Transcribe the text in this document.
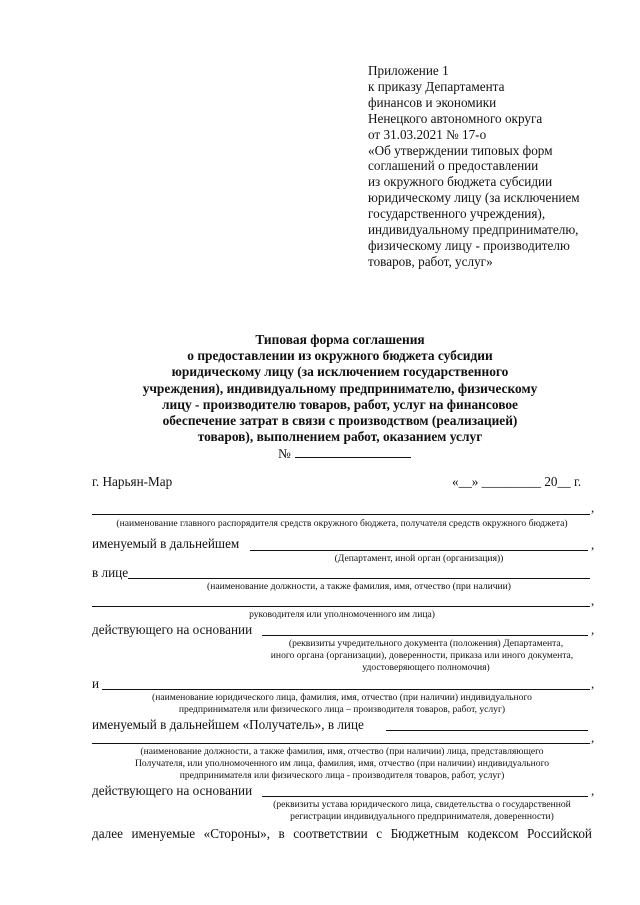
Приложение 1
к приказу Департамента
финансов и экономики
Ненецкого автономного округа
от 31.03.2021 № 17-о
«Об утверждении типовых форм
соглашений о предоставлении
из окружного бюджета субсидии
юридическому лицу (за исключением
государственного учреждения),
индивидуальному предпринимателю,
физическому лицу - производителю
товаров, работ, услуг»
Типовая форма соглашения
о предоставлении из окружного бюджета субсидии
юридическому лицу (за исключением государственного
учреждения), индивидуальному предпринимателю, физическому
лицу - производителю товаров, работ, услуг на финансовое
обеспечение затрат в связи с производством (реализацией)
товаров), выполнением работ, оказанием услуг
№
г. Нарьян-Мар	«__» _________ 20__ г.
,
(наименование главного распорядителя средств окружного бюджета, получателя средств окружного бюджета)
именуемый в дальнейшем	,
(Департамент, иной орган (организация))
в лице
(наименование должности, а также фамилия, имя, отчество (при наличии)
,
руководителя или уполномоченного им лица)
действующего на основании	,
(реквизиты учредительного документа (положения) Департамента,
иного органа (организации), доверенности, приказа или иного документа,
удостоверяющего полномочия)
и	,
(наименование юридического лица, фамилия, имя, отчество (при наличии) индивидуального
предпринимателя или физического лица – производителя товаров, работ, услуг)
именуемый в дальнейшем «Получатель», в лице
,
(наименование должности, а также фамилия, имя, отчество (при наличии) лица, представляющего
Получателя, или уполномоченного им лица, фамилия, имя, отчество (при наличии) индивидуального
предпринимателя или физического лица - производителя товаров, работ, услуг)
действующего на основании	,
(реквизиты устава юридического лица, свидетельства о государственной
регистрации индивидуального предпринимателя, доверенности)
далее именуемые «Стороны», в соответствии с Бюджетным кодексом Российской
